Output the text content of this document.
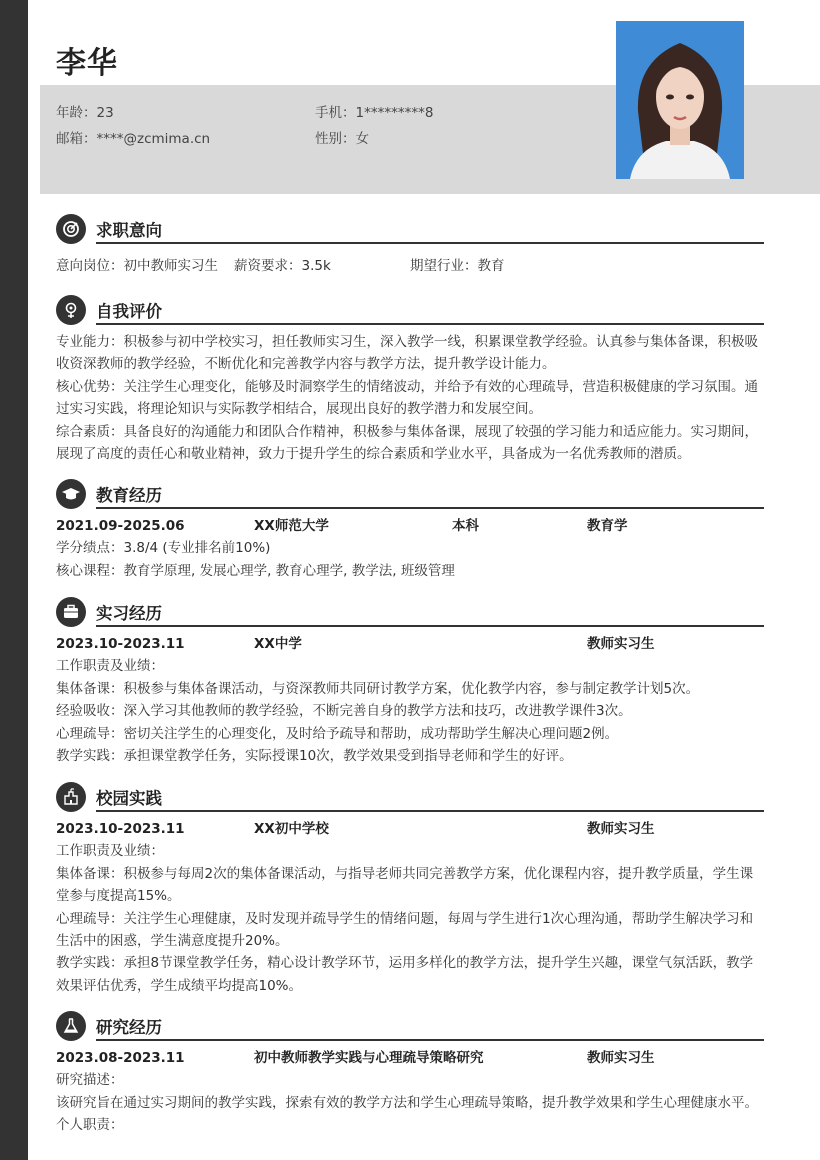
李华
年龄：23	手机：1*********8
邮箱：****@zcmima.cn	性别：女
求职意向
意向岗位：初中教师实习生 薪资要求：3.5k	期望行业：教育
自我评价

专业能力：积极参与初中学校实习，担任教师实习生，深入教学一线，积累课堂教学经验。认真参与集体备课，积极吸收资深教师的教学经验，不断优化和完善教学内容与教学方法，提升教学设计能力。

核心优势：关注学生心理变化，能够及时洞察学生的情绪波动，并给予有效的心理疏导，营造积极健康的学习氛围。通过实习实践，将理论知识与实际教学相结合，展现出良好的教学潜力和发展空间。

综合素质：具备良好的沟通能力和团队合作精神，积极参与集体备课，展现了较强的学习能力和适应能力。实习期间，展现了高度的责任心和敬业精神，致力于提升学生的综合素质和学业水平，具备成为一名优秀教师的潜质。

教育经历
2021.09-2025.06	XX师范大学	本科	教育学

学分绩点：3.8/4 (专业排名前10%)

核心课程：教育学原理, 发展心理学, 教育心理学, 教学法, 班级管理

实习经历
2023.10-2023.11	XX中学	教师实习生

工作职责及业绩：

集体备课：积极参与集体备课活动，与资深教师共同研讨教学方案，优化教学内容，参与制定教学计划5次。

经验吸收：深入学习其他教师的教学经验，不断完善自身的教学方法和技巧，改进教学课件3次。

心理疏导：密切关注学生的心理变化，及时给予疏导和帮助，成功帮助学生解决心理问题2例。

教学实践：承担课堂教学任务，实际授课10次，教学效果受到指导老师和学生的好评。

校园实践
2023.10-2023.11	XX初中学校	教师实习生

工作职责及业绩：

集体备课：积极参与每周2次的集体备课活动，与指导老师共同完善教学方案，优化课程内容，提升教学质量，学生课堂参与度提高15%。

心理疏导：关注学生心理健康，及时发现并疏导学生的情绪问题，每周与学生进行1次心理沟通，帮助学生解决学习和生活中的困惑，学生满意度提升20%。

教学实践：承担8节课堂教学任务，精心设计教学环节，运用多样化的教学方法，提升学生兴趣，课堂气氛活跃，教学效果评估优秀，学生成绩平均提高10%。

研究经历
2023.08-2023.11	初中教师教学实践与心理疏导策略研究	教师实习生

研究描述：

该研究旨在通过实习期间的教学实践，探索有效的教学方法和学生心理疏导策略，提升教学效果和学生心理健康水平。

个人职责：
